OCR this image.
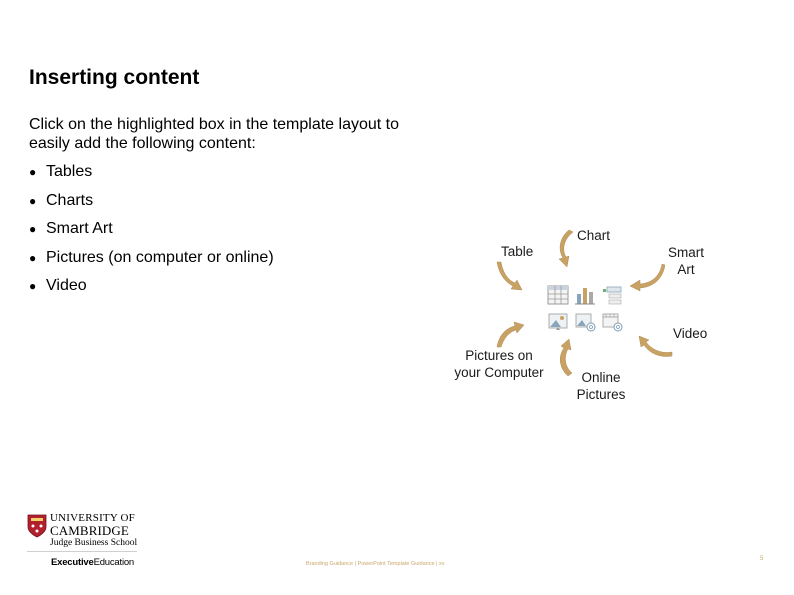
Inserting content
Click on the highlighted box in the template layout to easily add the following content:
● Tables
● Charts
● Smart Art
● Pictures (on computer or online)
● Video
Chart
Table	Smart
Art
Video
Pictures on
your Computer	Online
Pictures
UNIVERSITY OF
CAMBRIDGE
Judge Business School
ExecutiveEducation	Branding Guidance | PowerPoint Template Guidance | xx
5
